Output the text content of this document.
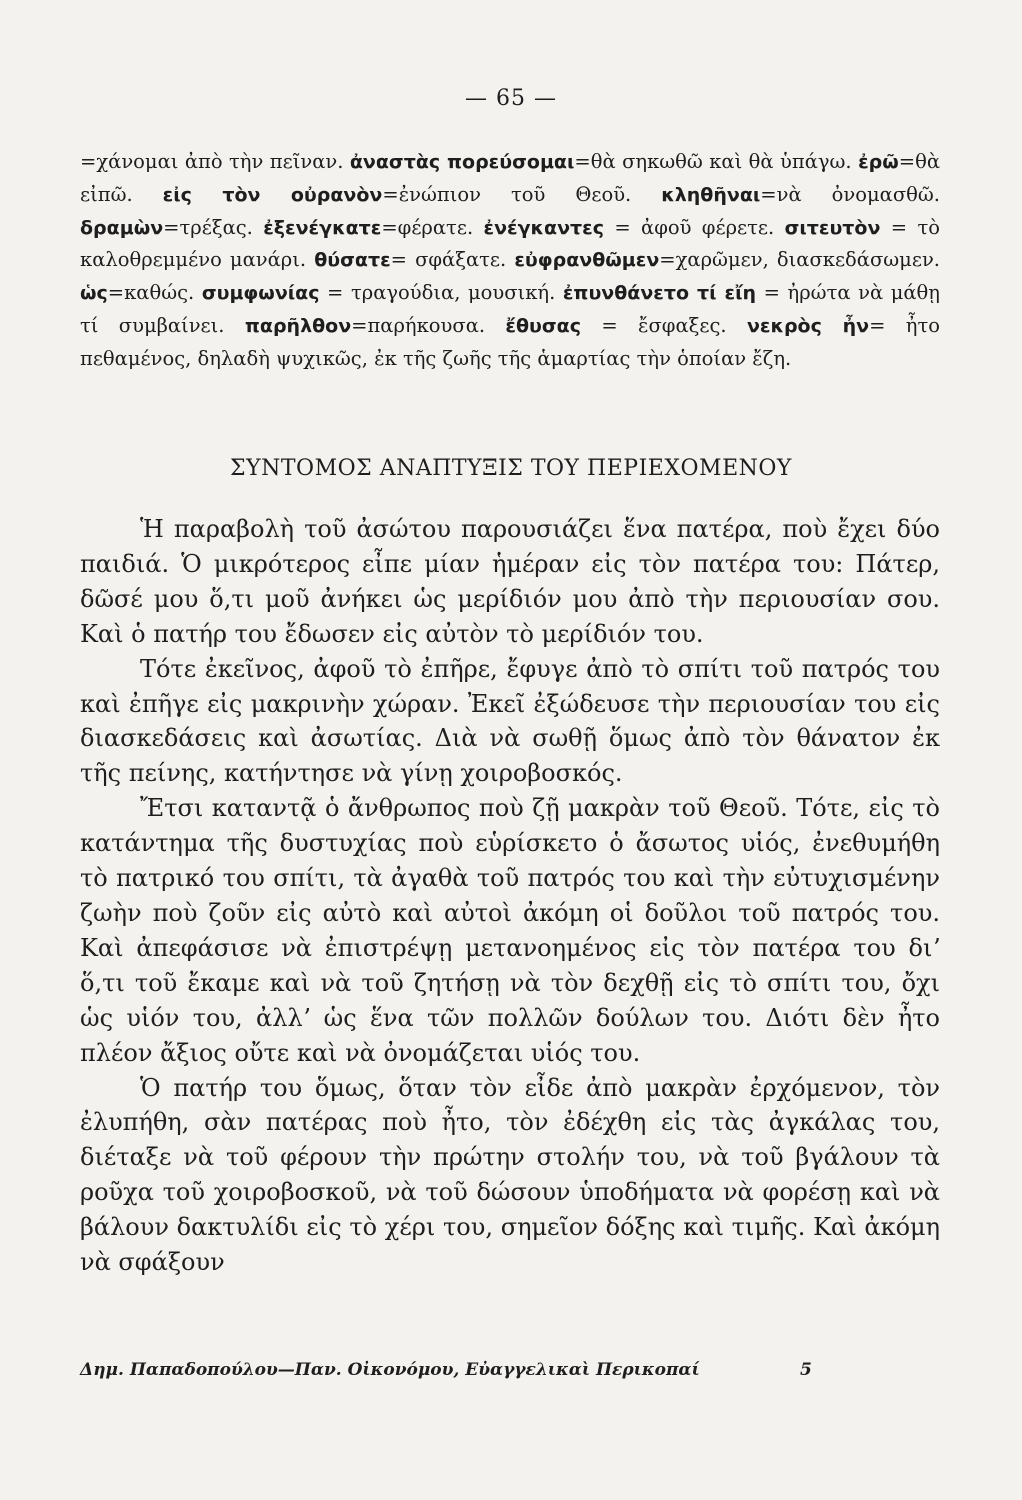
— 65 —
=χάνομαι ἀπὸ τὴν πεῖναν. ἀναστὰς πορεύσομαι=θὰ σηκωθῶ καὶ θὰ ὑπάγω. ἐρῶ=θὰ εἰπῶ. εἰς τὸν οὐρανὸν=ἐνώπιον τοῦ Θεοῦ. κληθῆναι=νὰ ὀνομασθῶ. δραμὼν=τρέξας. ἐξενέγκατε=φέρατε. ἐνέγκαντες = ἀφοῦ φέρετε. σιτευτὸν = τὸ καλοθρεμμένο μανάρι. θύσατε= σφάξατε. εὐφρανθῶμεν=χαρῶμεν, διασκεδάσωμεν. ὡς=καθώς. συμφωνίας = τραγούδια, μουσική. ἐπυνθάνετο τί εἴη = ἠρώτα νὰ μάθῃ τί συμβαίνει. παρῆλθον=παρήκουσα. ἔθυσας = ἔσφαξες. νεκρὸς ἦν= ἦτο πεθαμένος, δηλαδὴ ψυχικῶς, ἐκ τῆς ζωῆς τῆς ἁμαρτίας τὴν ὁποίαν ἔζη.
ΣΥΝΤΟΜΟΣ ΑΝΑΠΤΥΞΙΣ ΤΟΥ ΠΕΡΙΕΧΟΜΕΝΟΥ

Ἡ παραβολὴ τοῦ ἀσώτου παρουσιάζει ἕνα πατέρα, ποὺ ἔχει δύο παιδιά. Ὁ μικρότερος εἶπε μίαν ἡμέραν εἰς τὸν πατέρα του: Πάτερ, δῶσέ μου ὅ,τι μοῦ ἀνήκει ὡς μερίδιόν μου ἀπὸ τὴν περιουσίαν σου. Καὶ ὁ πατήρ του ἔδωσεν εἰς αὐτὸν τὸ μερίδιόν του.

Τότε ἐκεῖνος, ἀφοῦ τὸ ἐπῆρε, ἔφυγε ἀπὸ τὸ σπίτι τοῦ πατρός του καὶ ἐπῆγε εἰς μακρινὴν χώραν. Ἐκεῖ ἐξώδευσε τὴν περιουσίαν του εἰς διασκεδάσεις καὶ ἀσωτίας. Διὰ νὰ σωθῇ ὅμως ἀπὸ τὸν θάνατον ἐκ τῆς πείνης, κατήντησε νὰ γίνῃ χοιροβοσκός.

Ἔτσι καταντᾷ ὁ ἄνθρωπος ποὺ ζῇ μακρὰν τοῦ Θεοῦ. Τότε, εἰς τὸ κατάντημα τῆς δυστυχίας ποὺ εὑρίσκετο ὁ ἄσωτος υἱός, ἐνεθυμήθη τὸ πατρικό του σπίτι, τὰ ἀγαθὰ τοῦ πατρός του καὶ τὴν εὐτυχισμένην ζωὴν ποὺ ζοῦν εἰς αὐτὸ καὶ αὐτοὶ ἀκόμη οἱ δοῦλοι τοῦ πατρός του. Καὶ ἀπεφάσισε νὰ ἐπιστρέψῃ μετανοημένος εἰς τὸν πατέρα του διʼ ὅ,τι τοῦ ἔκαμε καὶ νὰ τοῦ ζητήσῃ νὰ τὸν δεχθῇ εἰς τὸ σπίτι του, ὄχι ὡς υἱόν του, ἀλλʼ ὡς ἕνα τῶν πολλῶν δούλων του. Διότι δὲν ἦτο πλέον ἄξιος οὔτε καὶ νὰ ὀνομάζεται υἱός του.

Ὁ πατήρ του ὅμως, ὅταν τὸν εἶδε ἀπὸ μακρὰν ἐρχόμενον, τὸν ἐλυπήθη, σὰν πατέρας ποὺ ἦτο, τὸν ἐδέχθη εἰς τὰς ἀγκάλας του, διέταξε νὰ τοῦ φέρουν τὴν πρώτην στολήν του, νὰ τοῦ βγάλουν τὰ ροῦχα τοῦ χοιροβοσκοῦ, νὰ τοῦ δώσουν ὑποδήματα νὰ φορέσῃ καὶ νὰ βάλουν δακτυλίδι εἰς τὸ χέρι του, σημεῖον δόξης καὶ τιμῆς. Καὶ ἀκόμη νὰ σφάξουν

Δημ. Παπαδοπούλου—Παν. Οἰκονόμου, Εὐαγγελικαὶ Περικοπαί	5
